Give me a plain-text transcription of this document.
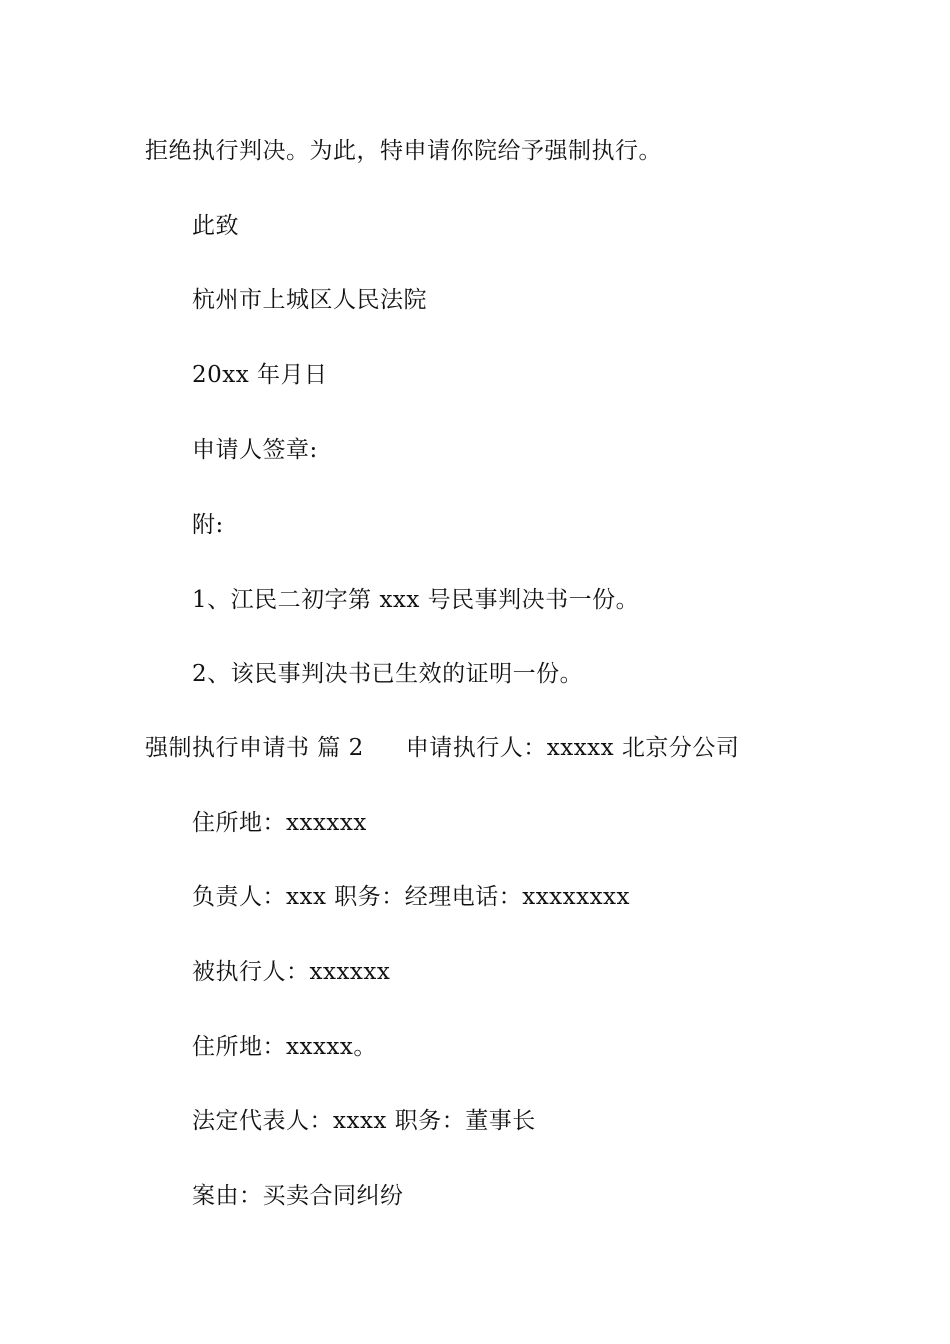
拒绝执行判决。为此，特申请你院给予强制执行。
此致
杭州市上城区人民法院
20xx 年月日
申请人签章:
附:
1、江民二初字第 xxx 号民事判决书一份。
2、该民事判决书已生效的证明一份。
强制执行申请书 篇 2 申请执行人：xxxxx 北京分公司
住所地：xxxxxx
负责人：xxx 职务：经理电话：xxxxxxxx
被执行人：xxxxxx
住所地：xxxxx。
法定代表人：xxxx 职务：董事长
案由：买卖合同纠纷
